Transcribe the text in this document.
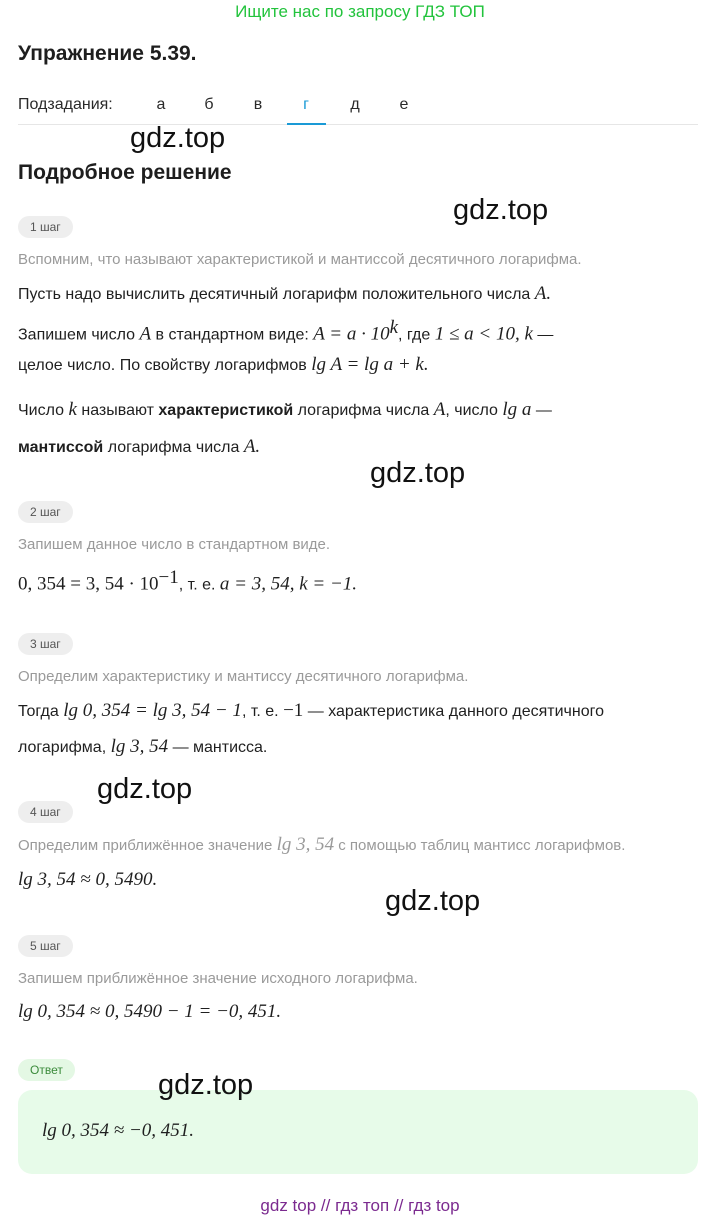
Ищите нас по запросу ГДЗ ТОП
Упражнение 5.39.
Подзадания:	а	б	в	г	д	е
gdz.top
Подробное решение
gdz.top
1 шаг
Вспомним, что называют характеристикой и мантиссой десятичного логарифма.
Пусть надо вычислить десятичный логарифм положительного числа A.
Запишем число A в стандартном виде: $A = a \cdot 10^k$, где 1 ≤ a < 10, k —
целое число. По свойству логарифмов lg A = lg a + k.
Число k называют характеристикой логарифма числа A, число lg a —
мантиссой логарифма числа A.
gdz.top
2 шаг
Запишем данное число в стандартном виде.
0, 354 = 3, $54 \cdot 10^{-1}$, т. е. a = 3, 54, k = −1.
3 шаг
Определим характеристику и мантиссу десятичного логарифма.
Тогда lg 0, 354 = lg 3, 54 − 1, т. е. −1 — характеристика данного десятичного
логарифма, lg 3, 54 — мантисса.
gdz.top
4 шаг
Определим приближённое значение lg 3, 54 с помощью таблиц мантисс логарифмов.
lg 3, 54 ≈ 0, 5490.
gdz.top
5 шаг
Запишем приближённое значение исходного логарифма.
lg 0, 354 ≈ 0, 5490 − 1 = −0, 451.
Ответ	gdz.top
lg 0, 354 ≈ −0, 451.
gdz top // гдз топ // гдз top
